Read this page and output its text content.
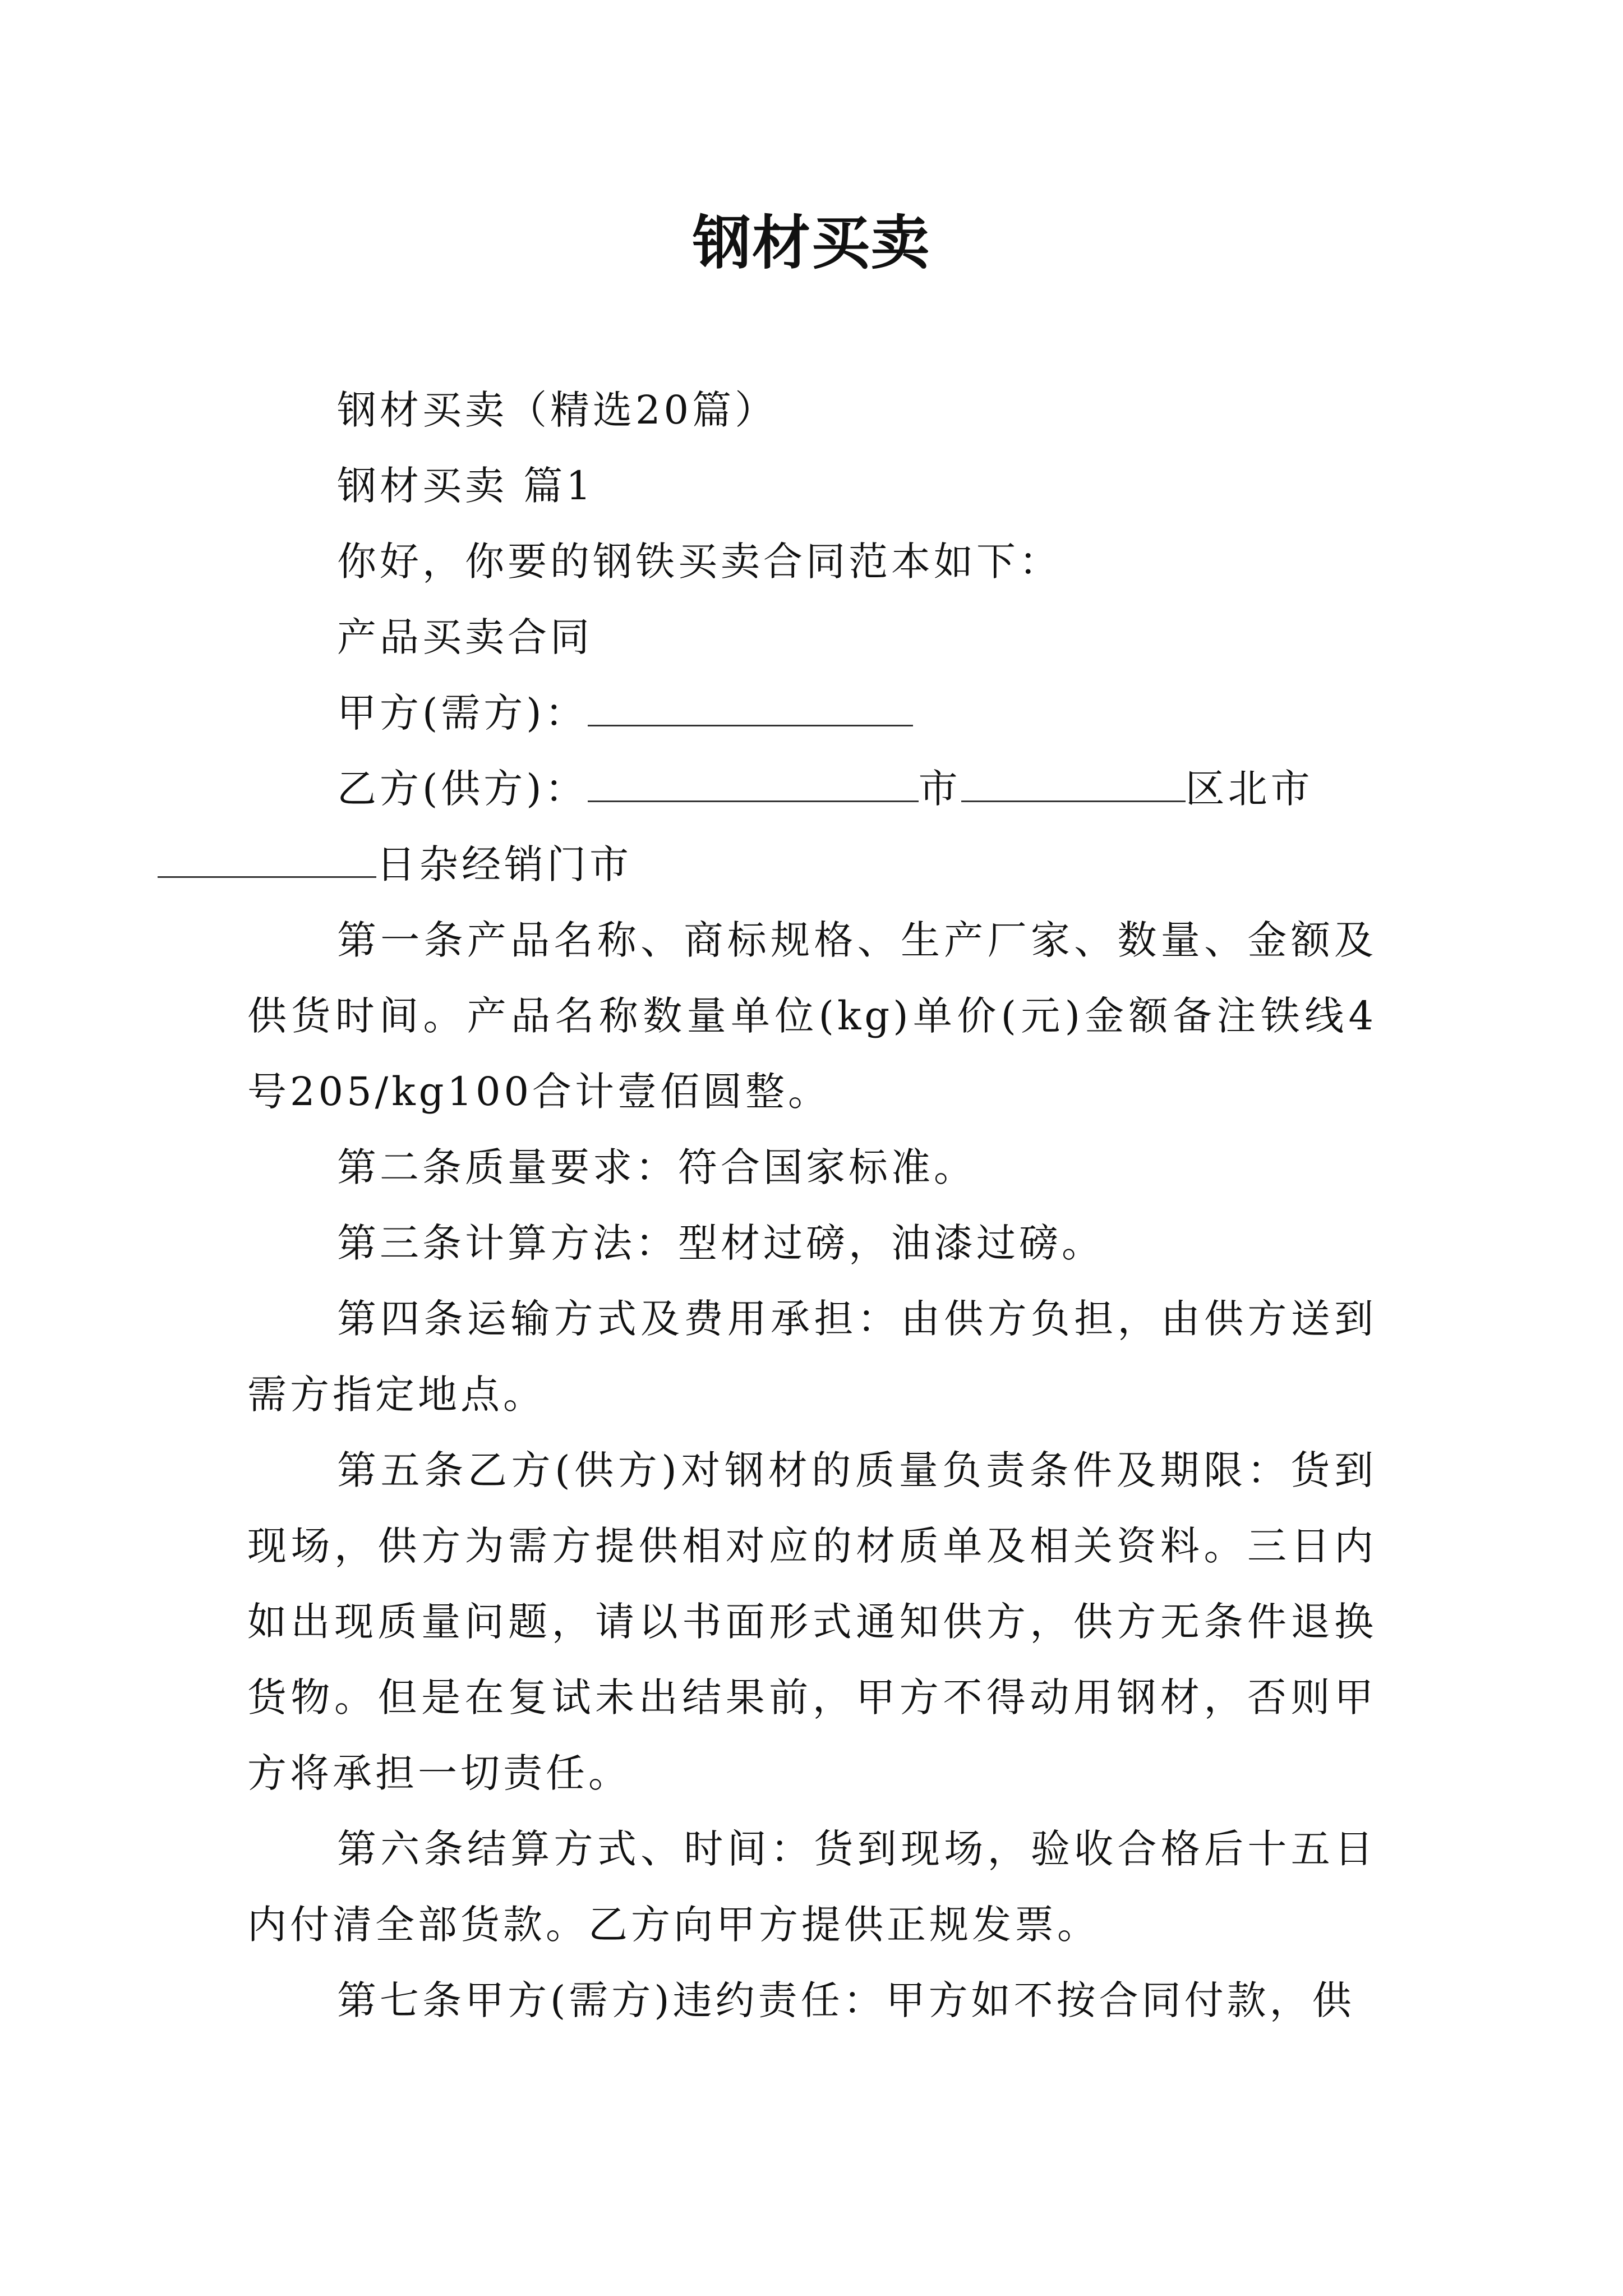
钢材买卖

钢材买卖（精选20篇）

钢材买卖 篇1

你好，你要的钢铁买卖合同范本如下：

产品买卖合同

甲方(需方)：

乙方(供方)：	市	区北市
日杂经销门市

第一条产品名称、商标规格、生产厂家、数量、金额及供货时间。产品名称数量单位(kg)单价(元)金额备注铁线4号205/kg100合计壹佰圆整。

第二条质量要求：符合国家标准。

第三条计算方法：型材过磅，油漆过磅。

第四条运输方式及费用承担：由供方负担，由供方送到需方指定地点。

第五条乙方(供方)对钢材的质量负责条件及期限：货到现场，供方为需方提供相对应的材质单及相关资料。三日内如出现质量问题，请以书面形式通知供方，供方无条件退换货物。但是在复试未出结果前，甲方不得动用钢材，否则甲方将承担一切责任。

第六条结算方式、时间：货到现场，验收合格后十五日内付清全部货款。乙方向甲方提供正规发票。

第七条甲方(需方)违约责任：甲方如不按合同付款，供
